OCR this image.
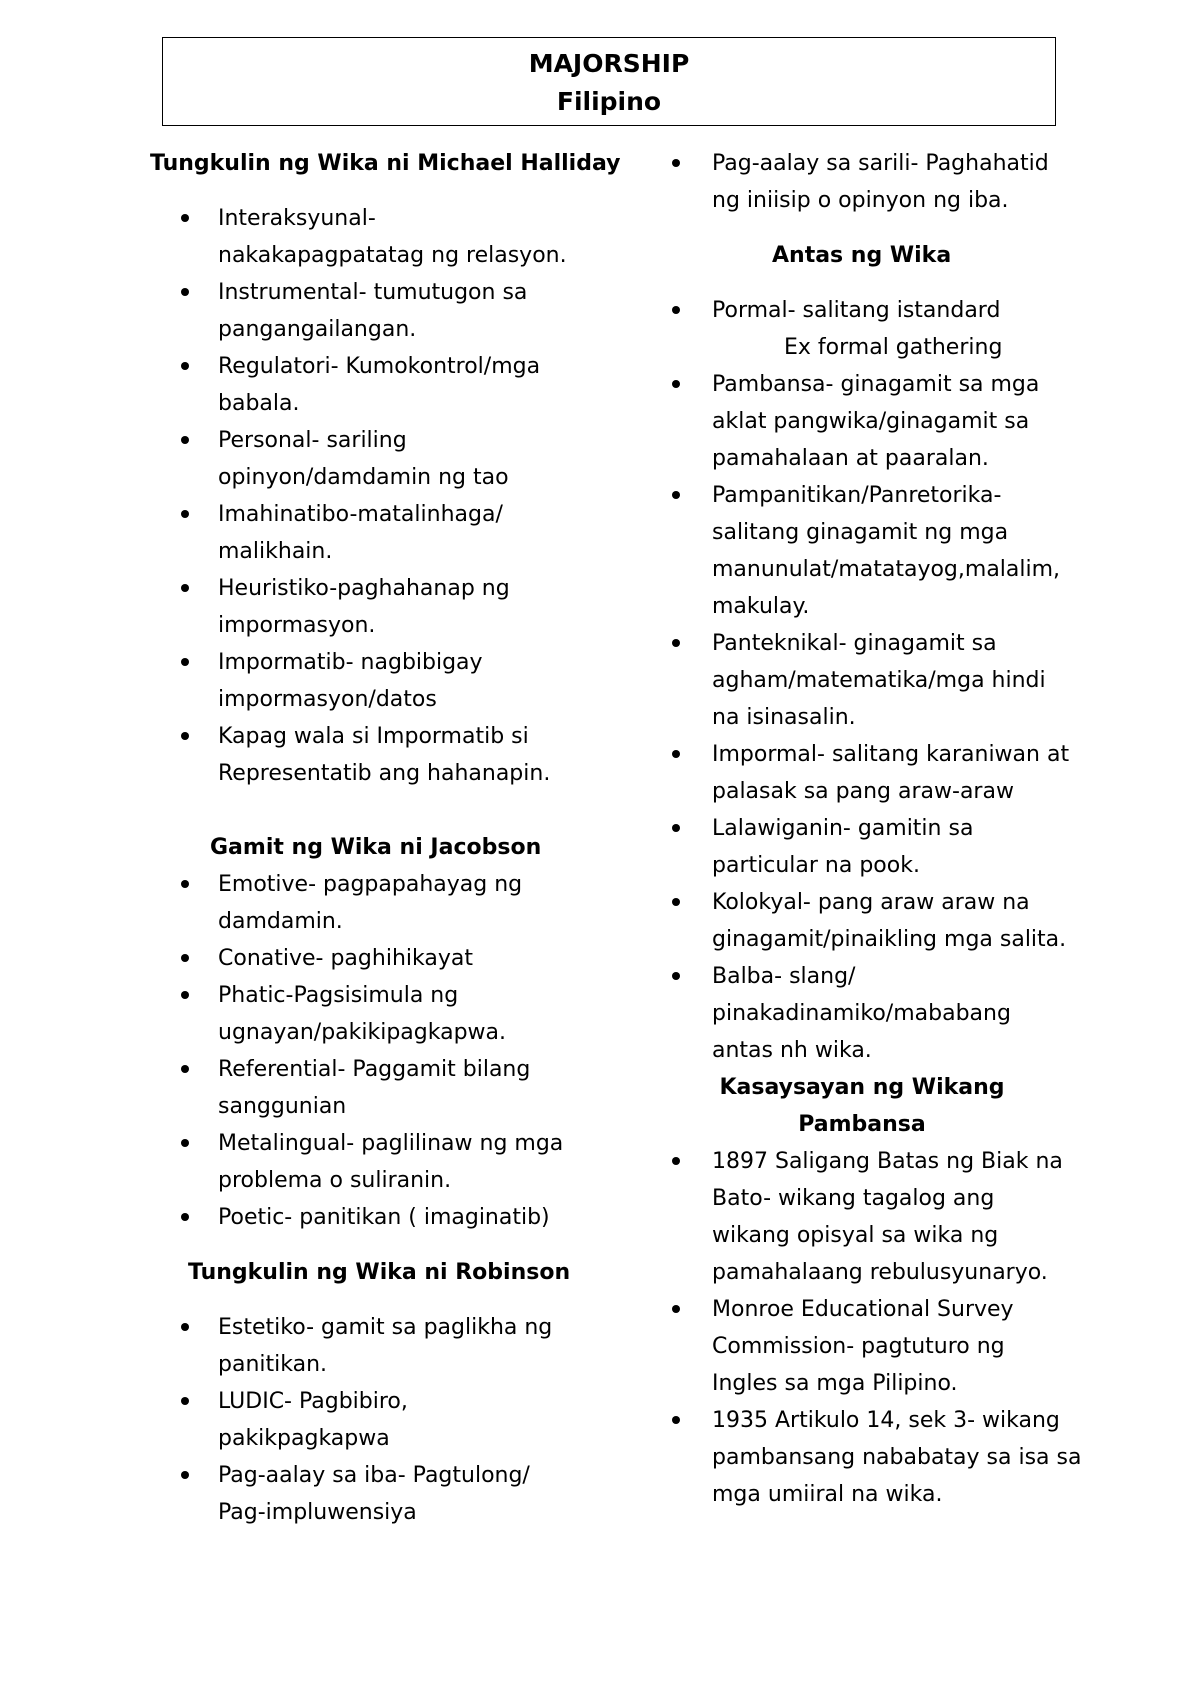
MAJORSHIP
Filipino
Tungkulin ng Wika ni Michael Halliday
Interaksyunal-
nakakapagpatatag ng relasyon.
Instrumental- tumutugon sa
pangangailangan.
Regulatori- Kumokontrol/mga
babala.
Personal- sariling
opinyon/damdamin ng tao
Imahinatibo-matalinhaga/
malikhain.
Heuristiko-paghahanap ng
impormasyon.
Impormatib- nagbibigay
impormasyon/datos
Kapag wala si Impormatib si
Representatib ang hahanapin.
Gamit ng Wika ni Jacobson
Emotive- pagpapahayag ng
damdamin.
Conative- paghihikayat
Phatic-Pagsisimula ng
ugnayan/pakikipagkapwa.
Referential- Paggamit bilang
sanggunian
Metalingual- paglilinaw ng mga
problema o suliranin.
Poetic- panitikan ( imaginatib)
Tungkulin ng Wika ni Robinson
Estetiko- gamit sa paglikha ng
panitikan.
LUDIC- Pagbibiro,
pakikpagkapwa
Pag-aalay sa iba- Pagtulong/
Pag-impluwensiya
Pag-aalay sa sarili- Paghahatid
ng iniisip o opinyon ng iba.
Antas ng Wika
Pormal- salitang istandard
Ex formal gathering
Pambansa- ginagamit sa mga
aklat pangwika/ginagamit sa
pamahalaan at paaralan.
Pampanitikan/Panretorika-
salitang ginagamit ng mga
manunulat/matatayog,malalim,
makulay.
Panteknikal- ginagamit sa
agham/matematika/mga hindi
na isinasalin.
Impormal- salitang karaniwan at
palasak sa pang araw-araw
Lalawiganin- gamitin sa
particular na pook.
Kolokyal- pang araw araw na
ginagamit/pinaikling mga salita.
Balba- slang/
pinakadinamiko/mababang
antas nh wika.
Kasaysayan ng Wikang
Pambansa
1897 Saligang Batas ng Biak na
Bato- wikang tagalog ang
wikang opisyal sa wika ng
pamahalaang rebulusyunaryo.
Monroe Educational Survey
Commission- pagtuturo ng
Ingles sa mga Pilipino.
1935 Artikulo 14, sek 3- wikang
pambansang nababatay sa isa sa
mga umiiral na wika.
